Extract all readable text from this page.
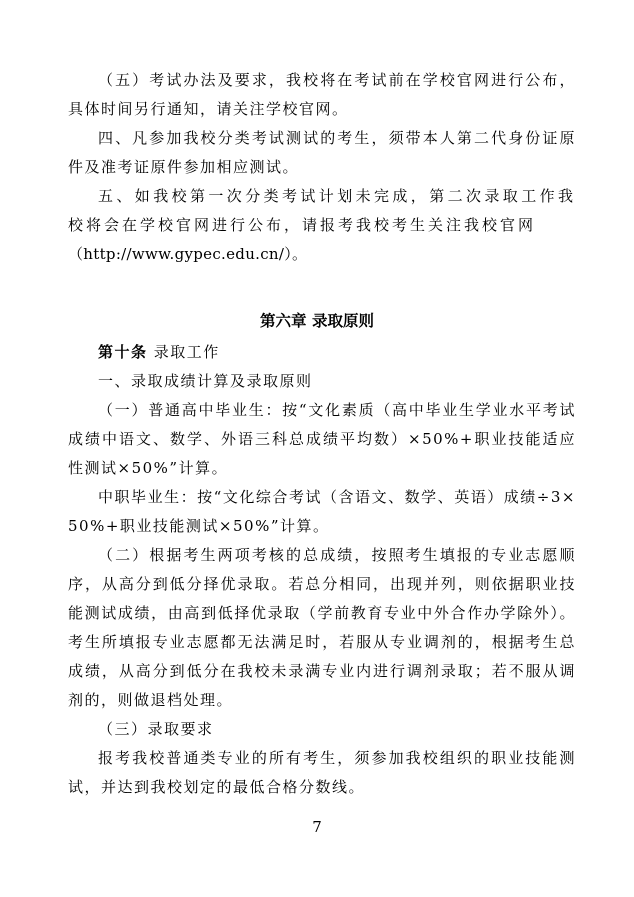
（五）考试办法及要求，我校将在考试前在学校官网进行公布，具体时间另行通知，请关注学校官网。

四、凡参加我校分类考试测试的考生，须带本人第二代身份证原件及准考证原件参加相应测试。

五、如我校第一次分类考试计划未完成，第二次录取工作我校将会在学校官网进行公布，请报考我校考生关注我校官网

（http://www.gypec.edu.cn/）。

第六章 录取原则

第十条 录取工作

一、录取成绩计算及录取原则

（一）普通高中毕业生：按“文化素质（高中毕业生学业水平考试成绩中语文、数学、外语三科总成绩平均数）×50%+职业技能适应性测试×50%”计算。

中职毕业生：按“文化综合考试（含语文、数学、英语）成绩÷3×50%+职业技能测试×50%”计算。

（二）根据考生两项考核的总成绩，按照考生填报的专业志愿顺序，从高分到低分择优录取。若总分相同，出现并列，则依据职业技能测试成绩，由高到低择优录取（学前教育专业中外合作办学除外）。考生所填报专业志愿都无法满足时，若服从专业调剂的，根据考生总成绩，从高分到低分在我校未录满专业内进行调剂录取；若不服从调剂的，则做退档处理。

（三）录取要求

报考我校普通类专业的所有考生，须参加我校组织的职业技能测试，并达到我校划定的最低合格分数线。

7
